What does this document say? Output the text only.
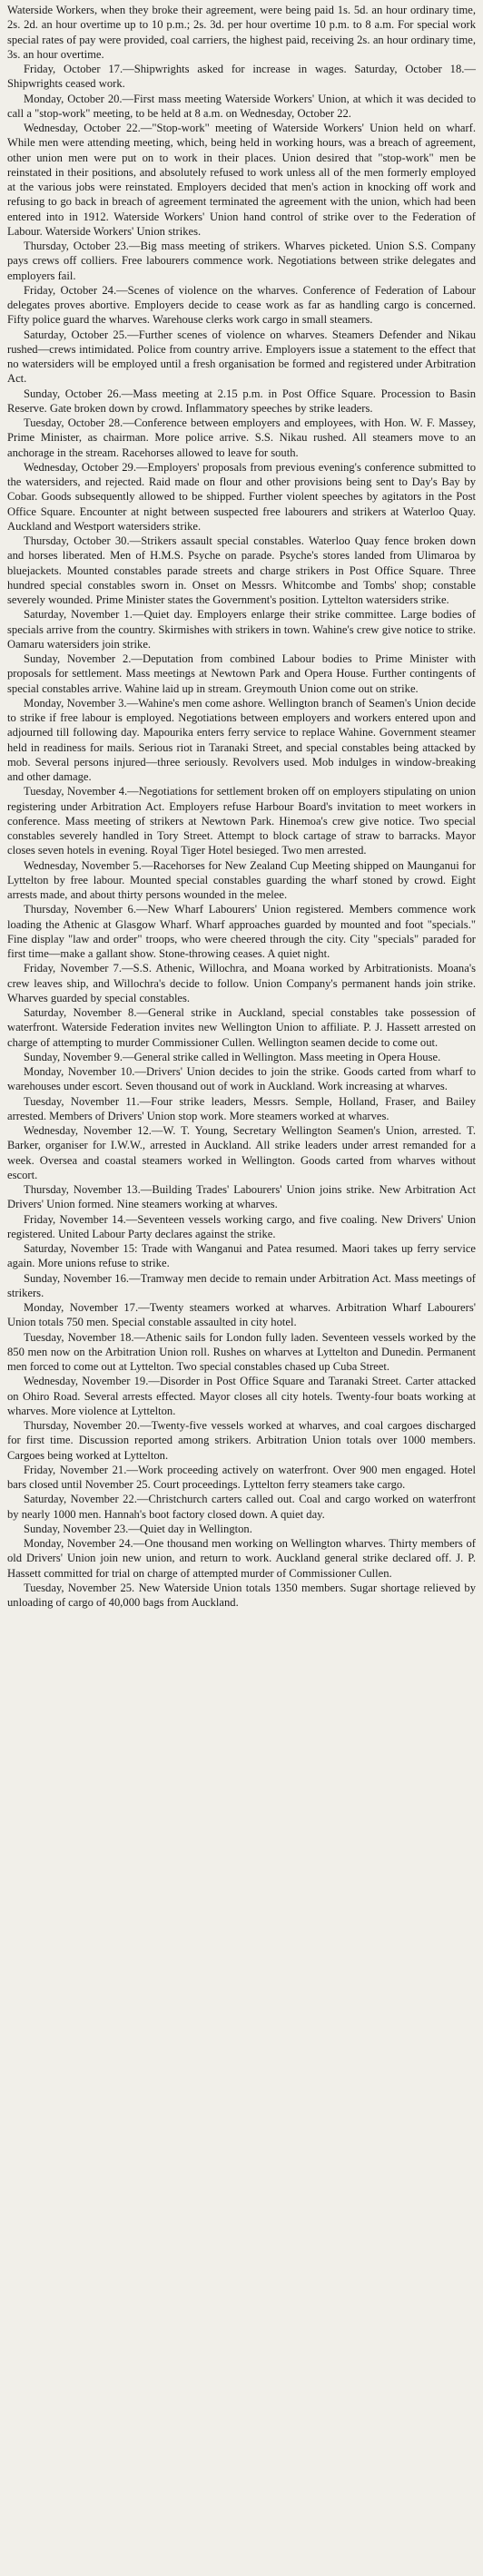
Waterside Workers, when they broke their agreement, were being paid 1s. 5d. an hour ordinary time, 2s. 2d. an hour overtime up to 10 p.m.; 2s. 3d. per hour overtime 10 p.m. to 8 a.m. For special work special rates of pay were provided, coal carriers, the highest paid, receiving 2s. an hour ordinary time, 3s. an hour overtime.

Friday, October 17.—Shipwrights asked for increase in wages. Saturday, October 18.—Shipwrights ceased work.

Monday, October 20.—First mass meeting Waterside Workers' Union, at which it was decided to call a "stop-work" meeting, to be held at 8 a.m. on Wednesday, October 22.

Wednesday, October 22.—"Stop-work" meeting of Waterside Workers' Union held on wharf. While men were attending meeting, which, being held in working hours, was a breach of agreement, other union men were put on to work in their places. Union desired that "stop-work" men be reinstated in their positions, and absolutely refused to work unless all of the men formerly employed at the various jobs were reinstated. Employers decided that men's action in knocking off work and refusing to go back in breach of agreement terminated the agreement with the union, which had been entered into in 1912. Waterside Workers' Union hand control of strike over to the Federation of Labour. Waterside Workers' Union strikes.

Thursday, October 23.—Big mass meeting of strikers. Wharves picketed. Union S.S. Company pays crews off colliers. Free labourers commence work. Negotiations between strike delegates and employers fail.

Friday, October 24.—Scenes of violence on the wharves. Conference of Federation of Labour delegates proves abortive. Employers decide to cease work as far as handling cargo is concerned. Fifty police guard the wharves. Warehouse clerks work cargo in small steamers.

Saturday, October 25.—Further scenes of violence on wharves. Steamers Defender and Nikau rushed—crews intimidated. Police from country arrive. Employers issue a statement to the effect that no watersiders will be employed until a fresh organisation be formed and registered under Arbitration Act.

Sunday, October 26.—Mass meeting at 2.15 p.m. in Post Office Square. Procession to Basin Reserve. Gate broken down by crowd. Inflammatory speeches by strike leaders.

Tuesday, October 28.—Conference between employers and employees, with Hon. W. F. Massey, Prime Minister, as chairman. More police arrive. S.S. Nikau rushed. All steamers move to an anchorage in the stream. Racehorses allowed to leave for south.

Wednesday, October 29.—Employers' proposals from previous evening's conference submitted to the watersiders, and rejected. Raid made on flour and other provisions being sent to Day's Bay by Cobar. Goods subsequently allowed to be shipped. Further violent speeches by agitators in the Post Office Square. Encounter at night between suspected free labourers and strikers at Waterloo Quay. Auckland and Westport watersiders strike.

Thursday, October 30.—Strikers assault special constables. Waterloo Quay fence broken down and horses liberated. Men of H.M.S. Psyche on parade. Psyche's stores landed from Ulimaroa by bluejackets. Mounted constables parade streets and charge strikers in Post Office Square. Three hundred special constables sworn in. Onset on Messrs. Whitcombe and Tombs' shop; constable severely wounded. Prime Minister states the Government's position. Lyttelton watersiders strike.

Saturday, November 1.—Quiet day. Employers enlarge their strike committee. Large bodies of specials arrive from the country. Skirmishes with strikers in town. Wahine's crew give notice to strike. Oamaru watersiders join strike.

Sunday, November 2.—Deputation from combined Labour bodies to Prime Minister with proposals for settlement. Mass meetings at Newtown Park and Opera House. Further contingents of special constables arrive. Wahine laid up in stream. Greymouth Union come out on strike.

Monday, November 3.—Wahine's men come ashore. Wellington branch of Seamen's Union decide to strike if free labour is employed. Negotiations between employers and workers entered upon and adjourned till following day. Mapourika enters ferry service to replace Wahine. Government steamer held in readiness for mails. Serious riot in Taranaki Street, and special constables being attacked by mob. Several persons injured—three seriously. Revolvers used. Mob indulges in window-breaking and other damage.

Tuesday, November 4.—Negotiations for settlement broken off on employers stipulating on union registering under Arbitration Act. Employers refuse Harbour Board's invitation to meet workers in conference. Mass meeting of strikers at Newtown Park. Hinemoa's crew give notice. Two special constables severely handled in Tory Street. Attempt to block cartage of straw to barracks. Mayor closes seven hotels in evening. Royal Tiger Hotel besieged. Two men arrested.

Wednesday, November 5.—Racehorses for New Zealand Cup Meeting shipped on Maunganui for Lyttelton by free labour. Mounted special constables guarding the wharf stoned by crowd. Eight arrests made, and about thirty persons wounded in the melee.

Thursday, November 6.—New Wharf Labourers' Union registered. Members commence work loading the Athenic at Glasgow Wharf. Wharf approaches guarded by mounted and foot "specials." Fine display "law and order" troops, who were cheered through the city. City "specials" paraded for first time—make a gallant show. Stone-throwing ceases. A quiet night.

Friday, November 7.—S.S. Athenic, Willochra, and Moana worked by Arbitrationists. Moana's crew leaves ship, and Willochra's decide to follow. Union Company's permanent hands join strike. Wharves guarded by special constables.

Saturday, November 8.—General strike in Auckland, special constables take possession of waterfront. Waterside Federation invites new Wellington Union to affiliate. P. J. Hassett arrested on charge of attempting to murder Commissioner Cullen. Wellington seamen decide to come out.

Sunday, November 9.—General strike called in Wellington. Mass meeting in Opera House.

Monday, November 10.—Drivers' Union decides to join the strike. Goods carted from wharf to warehouses under escort. Seven thousand out of work in Auckland. Work increasing at wharves.

Tuesday, November 11.—Four strike leaders, Messrs. Semple, Holland, Fraser, and Bailey arrested. Members of Drivers' Union stop work. More steamers worked at wharves.

Wednesday, November 12.—W. T. Young, Secretary Wellington Seamen's Union, arrested. T. Barker, organiser for I.W.W., arrested in Auckland. All strike leaders under arrest remanded for a week. Oversea and coastal steamers worked in Wellington. Goods carted from wharves without escort.

Thursday, November 13.—Building Trades' Labourers' Union joins strike. New Arbitration Act Drivers' Union formed. Nine steamers working at wharves.

Friday, November 14.—Seventeen vessels working cargo, and five coaling. New Drivers' Union registered. United Labour Party declares against the strike.

Saturday, November 15: Trade with Wanganui and Patea resumed. Maori takes up ferry service again. More unions refuse to strike.

Sunday, November 16.—Tramway men decide to remain under Arbitration Act. Mass meetings of strikers.

Monday, November 17.—Twenty steamers worked at wharves. Arbitration Wharf Labourers' Union totals 750 men. Special constable assaulted in city hotel.

Tuesday, November 18.—Athenic sails for London fully laden. Seventeen vessels worked by the 850 men now on the Arbitration Union roll. Rushes on wharves at Lyttelton and Dunedin. Permanent men forced to come out at Lyttelton. Two special constables chased up Cuba Street.

Wednesday, November 19.—Disorder in Post Office Square and Taranaki Street. Carter attacked on Ohiro Road. Several arrests effected. Mayor closes all city hotels. Twenty-four boats working at wharves. More violence at Lyttelton.

Thursday, November 20.—Twenty-five vessels worked at wharves, and coal cargoes discharged for first time. Discussion reported among strikers. Arbitration Union totals over 1000 members. Cargoes being worked at Lyttelton.

Friday, November 21.—Work proceeding actively on waterfront. Over 900 men engaged. Hotel bars closed until November 25. Court proceedings. Lyttelton ferry steamers take cargo.

Saturday, November 22.—Christchurch carters called out. Coal and cargo worked on waterfront by nearly 1000 men. Hannah's boot factory closed down. A quiet day.

Sunday, November 23.—Quiet day in Wellington.

Monday, November 24.—One thousand men working on Wellington wharves. Thirty members of old Drivers' Union join new union, and return to work. Auckland general strike declared off. J. P. Hassett committed for trial on charge of attempted murder of Commissioner Cullen.

Tuesday, November 25. New Waterside Union totals 1350 members. Sugar shortage relieved by unloading of cargo of 40,000 bags from Auckland.
